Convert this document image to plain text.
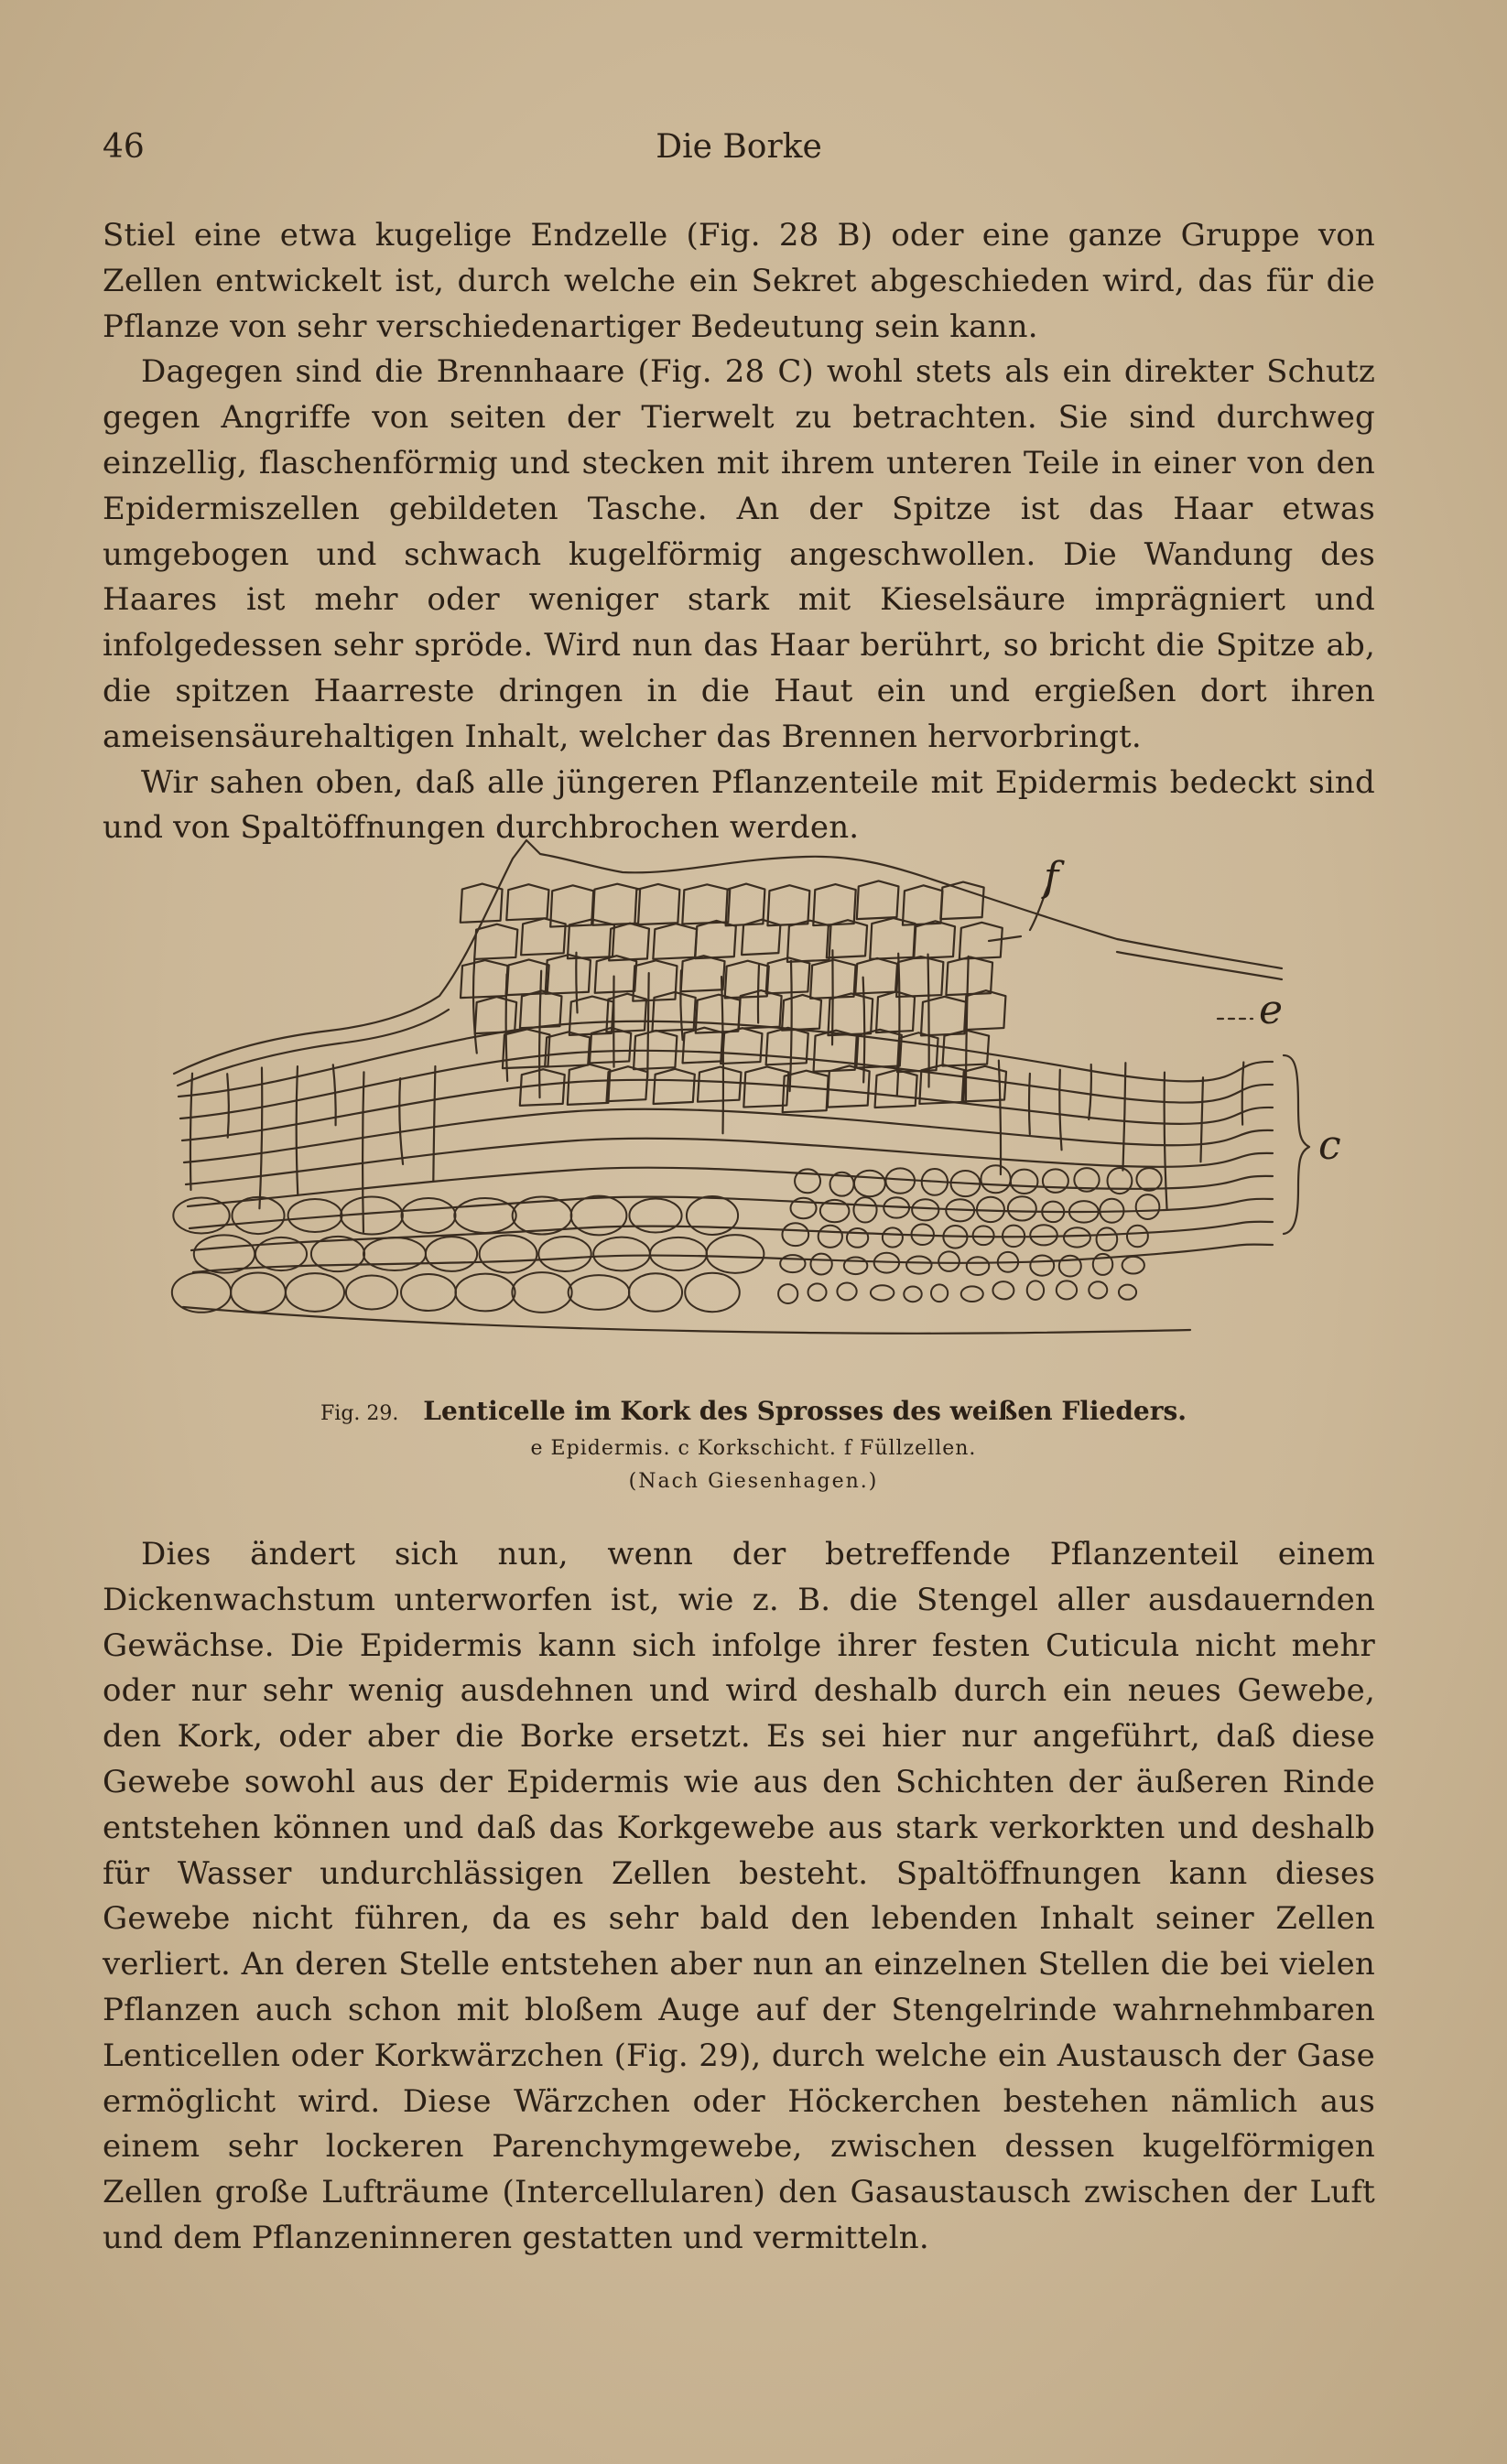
46	Die Borke

Stiel eine etwa kugelige Endzelle (Fig. 28 B) oder eine ganze Gruppe von Zellen entwickelt ist, durch welche ein Sekret abgeschieden wird, das für die Pflanze von sehr verschiedenartiger Bedeutung sein kann.

Dagegen sind die Brennhaare (Fig. 28 C) wohl stets als ein direkter Schutz gegen Angriffe von seiten der Tierwelt zu betrachten. Sie sind durchweg einzellig, flaschenförmig und stecken mit ihrem unteren Teile in einer von den Epidermiszellen gebildeten Tasche. An der Spitze ist das Haar etwas umgebogen und schwach kugelförmig angeschwollen. Die Wandung des Haares ist mehr oder weniger stark mit Kieselsäure imprägniert und infolgedessen sehr spröde. Wird nun das Haar berührt, so bricht die Spitze ab, die spitzen Haarreste dringen in die Haut ein und ergießen dort ihren ameisensäurehaltigen Inhalt, welcher das Brennen hervorbringt.

Wir sahen oben, daß alle jüngeren Pflanzenteile mit Epidermis bedeckt sind und von Spaltöffnungen durchbrochen werden.

f
e
c
Fig. 29. Lenticelle im Kork des Sprosses des weißen Flieders.
e Epidermis. c Korkschicht. f Füllzellen.
(Nach Giesenhagen.)

Dies ändert sich nun, wenn der betreffende Pflanzenteil einem Dickenwachstum unterworfen ist, wie z. B. die Stengel aller ausdauernden Gewächse. Die Epidermis kann sich infolge ihrer festen Cuticula nicht mehr oder nur sehr wenig ausdehnen und wird deshalb durch ein neues Gewebe, den Kork, oder aber die Borke ersetzt. Es sei hier nur angeführt, daß diese Gewebe sowohl aus der Epidermis wie aus den Schichten der äußeren Rinde entstehen können und daß das Korkgewebe aus stark verkorkten und deshalb für Wasser undurchlässigen Zellen besteht. Spaltöffnungen kann dieses Gewebe nicht führen, da es sehr bald den lebenden Inhalt seiner Zellen verliert. An deren Stelle entstehen aber nun an einzelnen Stellen die bei vielen Pflanzen auch schon mit bloßem Auge auf der Stengelrinde wahrnehmbaren Lenticellen oder Korkwärzchen (Fig. 29), durch welche ein Austausch der Gase ermöglicht wird. Diese Wärzchen oder Höckerchen bestehen nämlich aus einem sehr lockeren Parenchymgewebe, zwischen dessen kugelförmigen Zellen große Lufträume (Intercellularen) den Gasaustausch zwischen der Luft und dem Pflanzeninneren gestatten und vermitteln.
